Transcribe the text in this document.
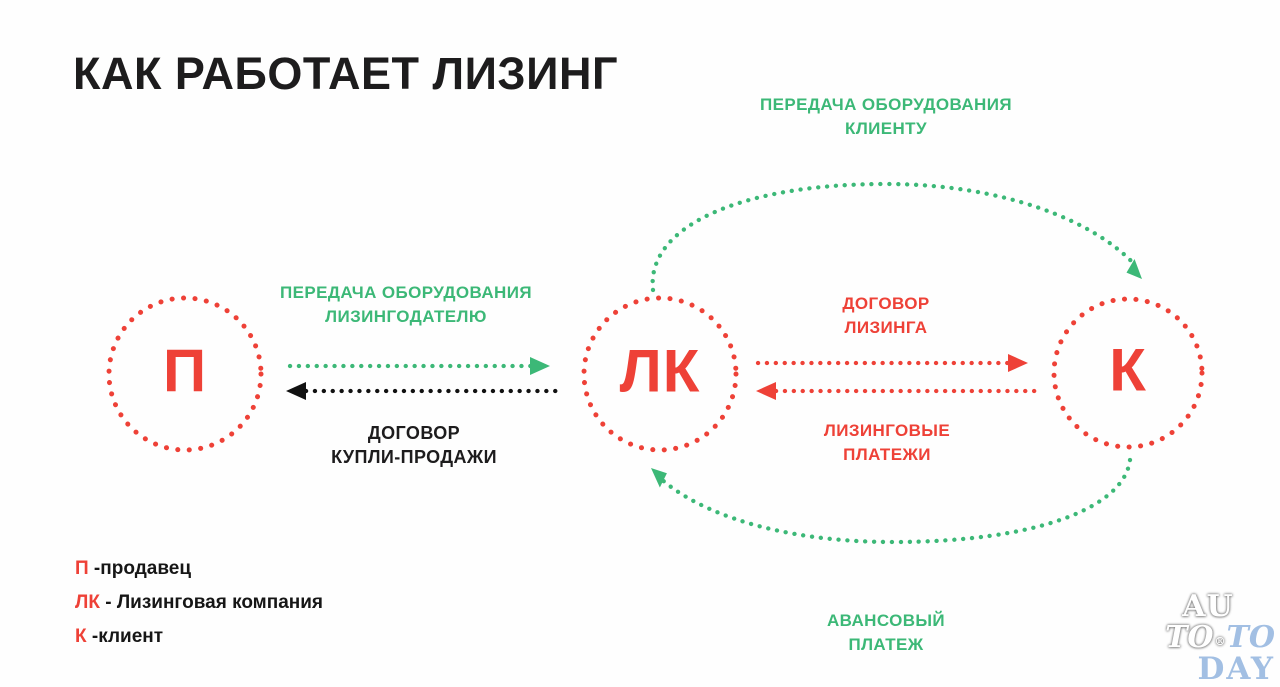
КАК РАБОТАЕТ ЛИЗИНГ
П	ЛК	К
ПЕРЕДАЧА ОБОРУДОВАНИЯ
КЛИЕНТУ
ПЕРЕДАЧА ОБОРУДОВАНИЯ
ЛИЗИНГОДАТЕЛЮ
ДОГОВОР
КУПЛИ-ПРОДАЖИ
ДОГОВОР
ЛИЗИНГА
ЛИЗИНГОВЫЕ
ПЛАТЕЖИ
АВАНСОВЫЙ
ПЛАТЕЖ
П -продавец
ЛК - Лизинговая компания
К -клиент
AU
TO®TO
DAY
